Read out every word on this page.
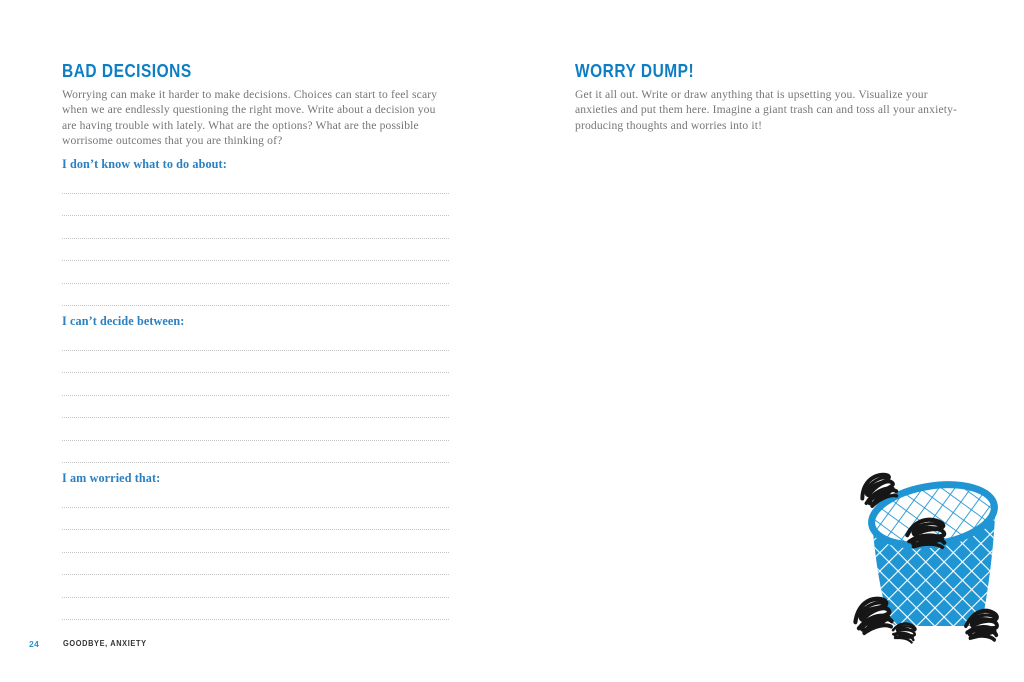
BAD DECISIONS
Worrying can make it harder to make decisions. Choices can start to feel scary when we are endlessly questioning the right move. Write about a decision you are having trouble with lately. What are the options? What are the possible worrisome outcomes that you are thinking of?
I don’t know what to do about:
I can’t decide between:
I am worried that:
24	GOODBYE, ANXIETY
WORRY DUMP!
Get it all out. Write or draw anything that is upsetting you. Visualize your anxieties and put them here. Imagine a giant trash can and toss all your anxiety-producing thoughts and worries into it!
